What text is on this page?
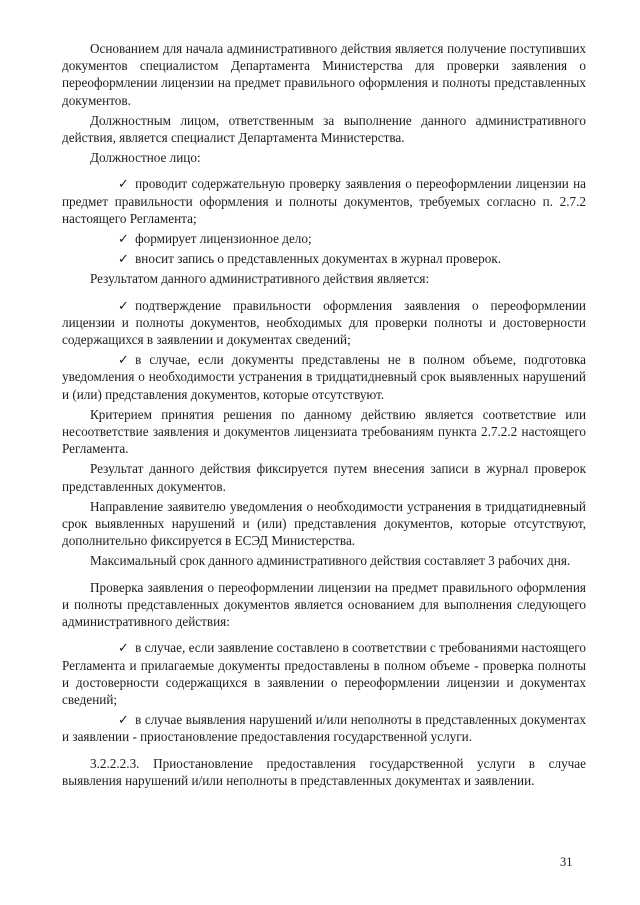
Основанием для начала административного действия является получение поступивших документов специалистом Департамента Министерства для проверки заявления о переоформлении лицензии на предмет правильного оформления и полноты представленных документов.

Должностным лицом, ответственным за выполнение данного административного действия, является специалист Департамента Министерства.

Должностное лицо:

✓ проводит содержательную проверку заявления о переоформлении лицензии на предмет правильности оформления и полноты документов, требуемых согласно п. 2.7.2 настоящего Регламента;

✓ формирует лицензионное дело;

✓ вносит запись о представленных документах в журнал проверок.

Результатом данного административного действия является:

✓ подтверждение правильности оформления заявления о переоформлении лицензии и полноты документов, необходимых для проверки полноты и достоверности содержащихся в заявлении и документах сведений;

✓ в случае, если документы представлены не в полном объеме, подготовка уведомления о необходимости устранения в тридцатидневный срок выявленных нарушений и (или) представления документов, которые отсутствуют.

Критерием принятия решения по данному действию является соответствие или несоответствие заявления и документов лицензиата требованиям пункта 2.7.2.2 настоящего Регламента.

Результат данного действия фиксируется путем внесения записи в журнал проверок представленных документов.

Направление заявителю уведомления о необходимости устранения в тридцатидневный срок выявленных нарушений и (или) представления документов, которые отсутствуют, дополнительно фиксируется в ЕСЭД Министерства.

Максимальный срок данного административного действия составляет 3 рабочих дня.

Проверка заявления о переоформлении лицензии на предмет правильного оформления и полноты представленных документов является основанием для выполнения следующего административного действия:

✓ в случае, если заявление составлено в соответствии с требованиями настоящего Регламента и прилагаемые документы предоставлены в полном объеме - проверка полноты и достоверности содержащихся в заявлении о переоформлении лицензии и документах сведений;

✓ в случае выявления нарушений и/или неполноты в представленных документах и заявлении - приостановление предоставления государственной услуги.

3.2.2.2.3. Приостановление предоставления государственной услуги в случае выявления нарушений и/или неполноты в представленных документах и заявлении.

31
